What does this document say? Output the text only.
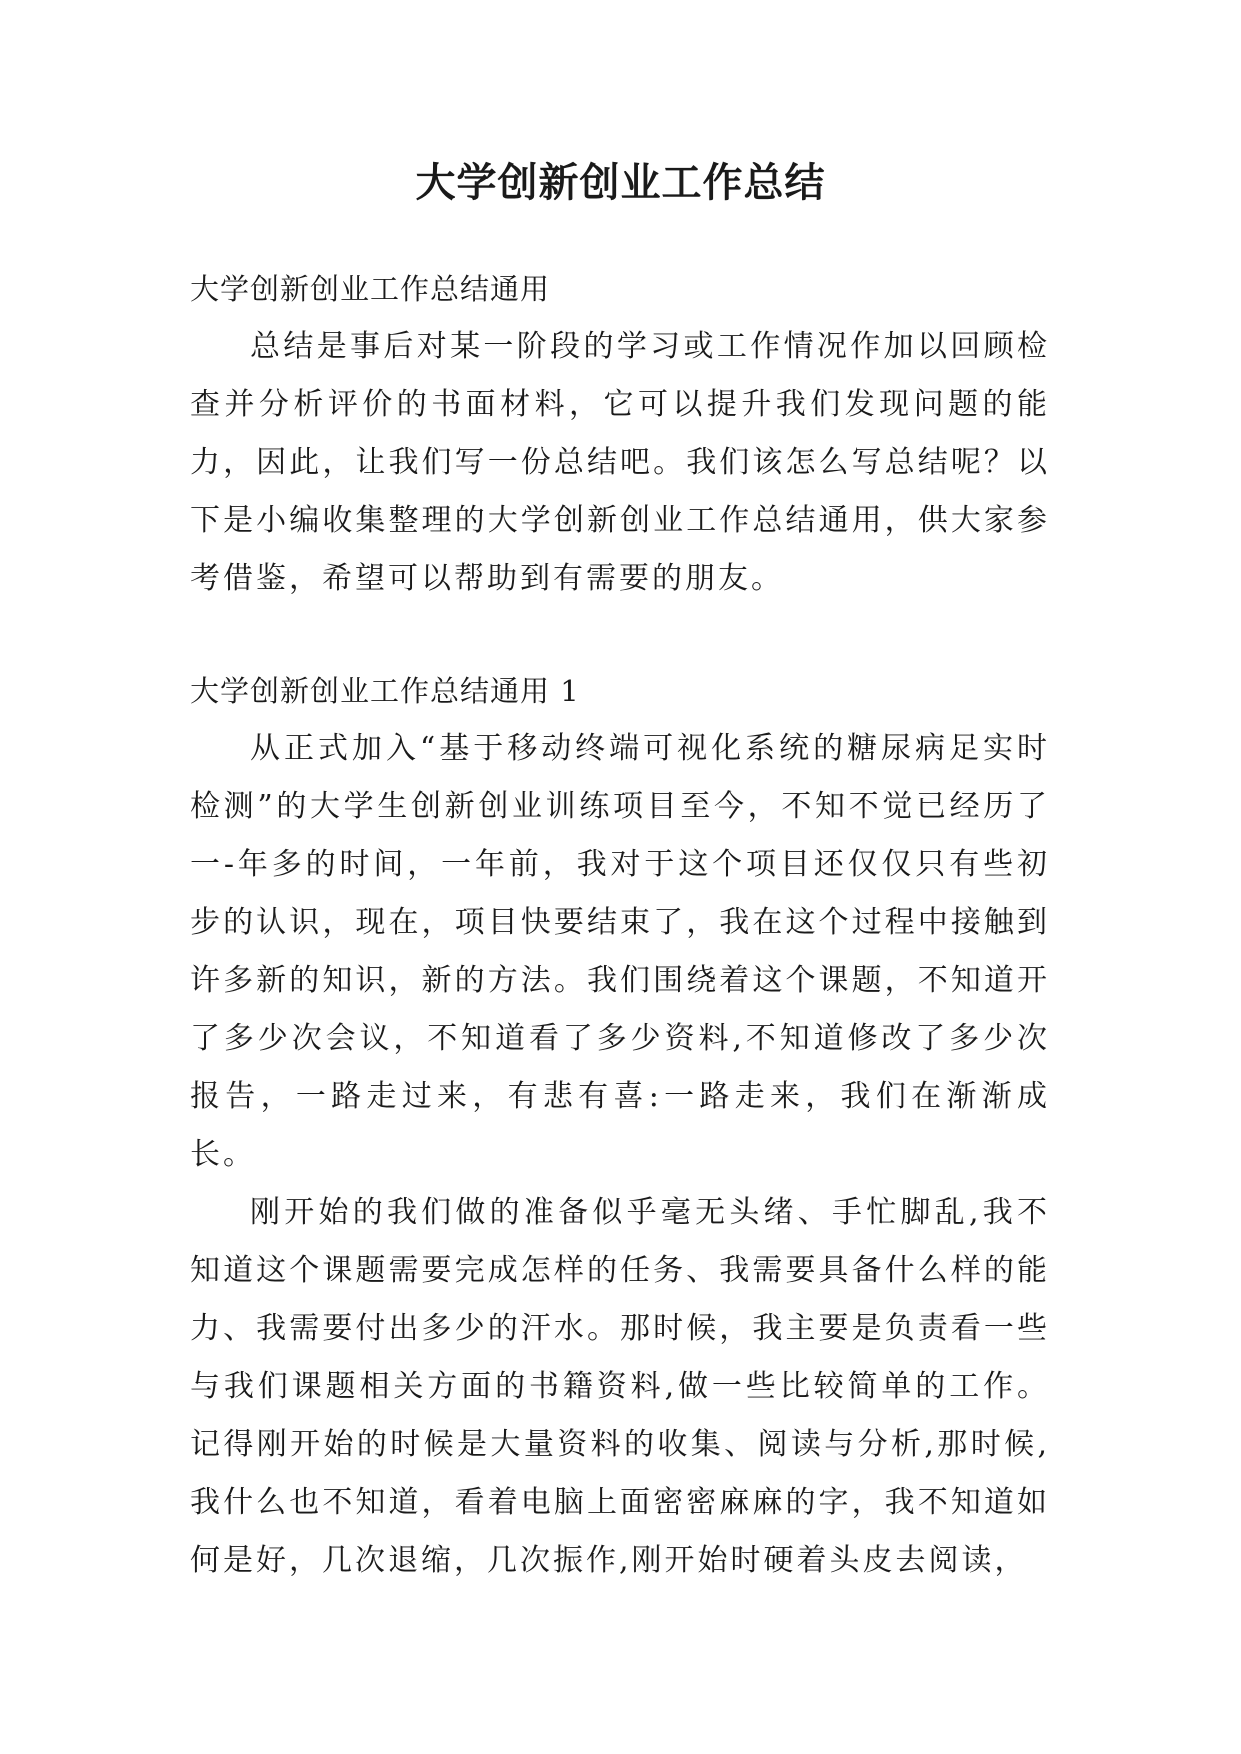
大学创新创业工作总结

大学创新创业工作总结通用

总结是事后对某一阶段的学习或工作情况作加以回顾检查并分析评价的书面材料，它可以提升我们发现问题的能力，因此，让我们写一份总结吧。我们该怎么写总结呢？以下是小编收集整理的大学创新创业工作总结通用，供大家参考借鉴，希望可以帮助到有需要的朋友。

大学创新创业工作总结通用 1

从正式加入“基于移动终端可视化系统的糖尿病足实时检测”的大学生创新创业训练项目至今，不知不觉已经历了一-年多的时间，一年前，我对于这个项目还仅仅只有些初步的认识，现在，项目快要结束了，我在这个过程中接触到许多新的知识，新的方法。我们围绕着这个课题，不知道开了多少次会议，不知道看了多少资料,不知道修改了多少次报告，一路走过来，有悲有喜:一路走来，我们在渐渐成长。

刚开始的我们做的准备似乎毫无头绪、手忙脚乱,我不知道这个课题需要完成怎样的任务、我需要具备什么样的能力、我需要付出多少的汗水。那时候，我主要是负责看一些与我们课题相关方面的书籍资料,做一些比较简单的工作。记得刚开始的时候是大量资料的收集、阅读与分析,那时候,我什么也不知道，看着电脑上面密密麻麻的字，我不知道如何是好，几次退缩，几次振作,刚开始时硬着头皮去阅读，
